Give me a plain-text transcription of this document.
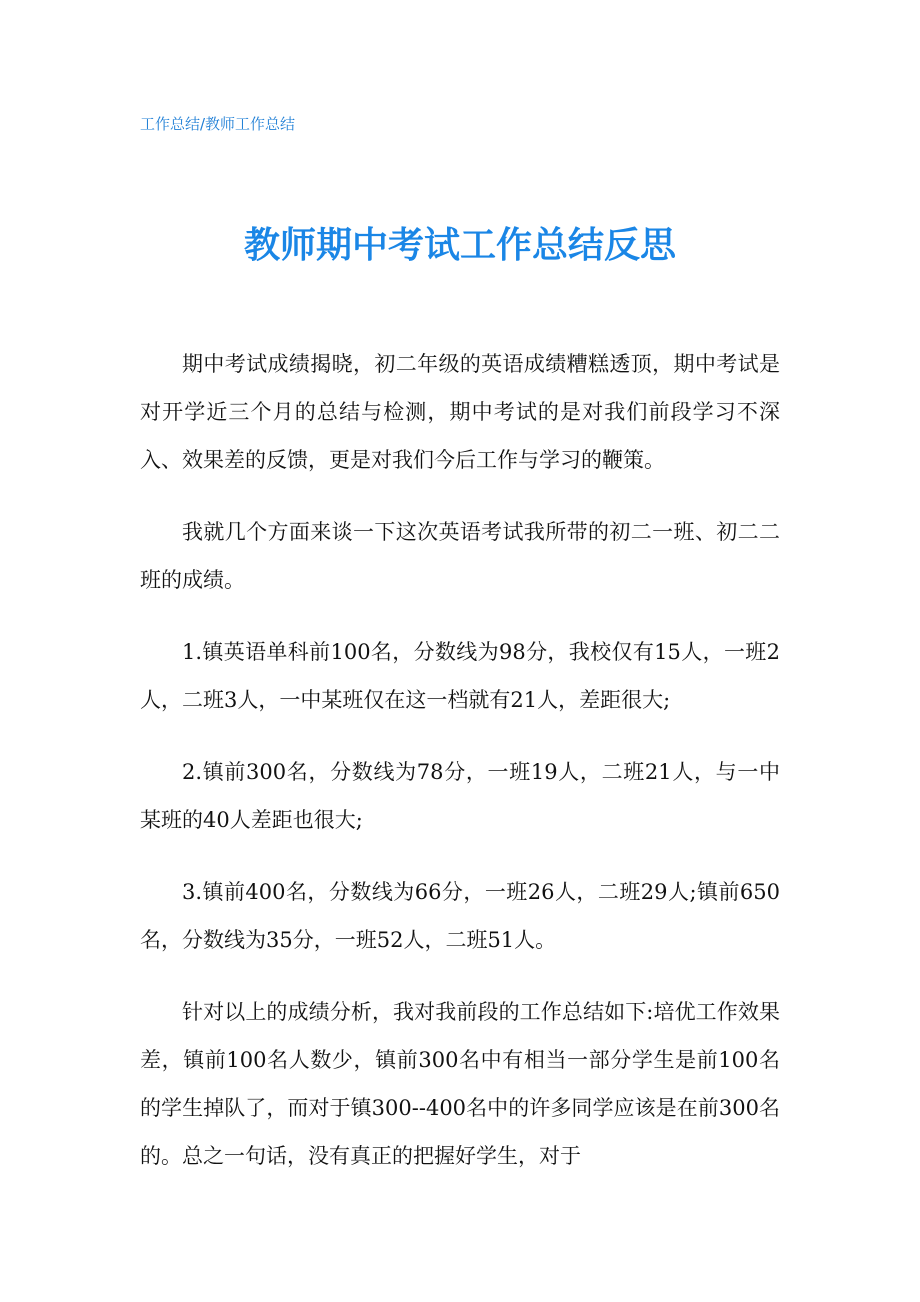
工作总结/教师工作总结
教师期中考试工作总结反思

期中考试成绩揭晓，初二年级的英语成绩糟糕透顶，期中考试是对开学近三个月的总结与检测，期中考试的是对我们前段学习不深入、效果差的反馈，更是对我们今后工作与学习的鞭策。

我就几个方面来谈一下这次英语考试我所带的初二一班、初二二班的成绩。

1.镇英语单科前100名，分数线为98分，我校仅有15人，一班2人，二班3人，一中某班仅在这一档就有21人，差距很大;

2.镇前300名，分数线为78分，一班19人，二班21人，与一中某班的40人差距也很大;

3.镇前400名，分数线为66分，一班26人，二班29人;镇前650名，分数线为35分，一班52人，二班51人。

针对以上的成绩分析，我对我前段的工作总结如下:培优工作效果差，镇前100名人数少，镇前300名中有相当一部分学生是前100名的学生掉队了，而对于镇300--400名中的许多同学应该是在前300名的。总之一句话，没有真正的把握好学生，对于
